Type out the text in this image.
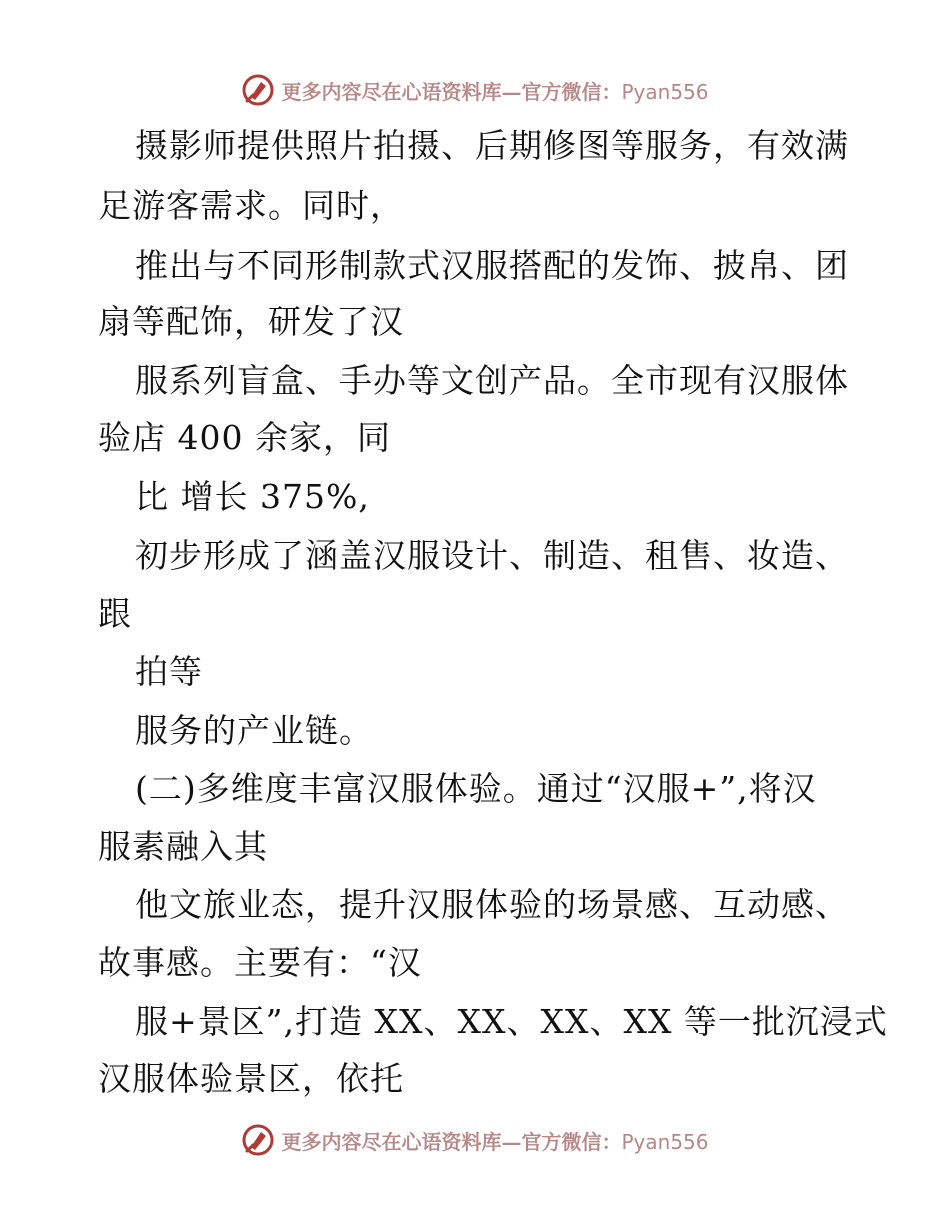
更多内容尽在心语资料库—官方微信：Pyan556
摄影师提供照片拍摄、后期修图等服务，有效满
足游客需求。同时，
推出与不同形制款式汉服搭配的发饰、披帛、团
扇等配饰，研发了汉
服系列盲盒、手办等文创产品。全市现有汉服体
验店 400 余家，同
比 增长 375%,
初步形成了涵盖汉服设计、制造、租售、妆造、
跟
拍等
服务的产业链。
(二)多维度丰富汉服体验。通过“汉服+”,将汉
服素融入其
他文旅业态，提升汉服体验的场景感、互动感、
故事感。主要有：“汉
服+景区”,打造 XX、XX、XX、XX 等一批沉浸式
汉服体验景区，依托
更多内容尽在心语资料库—官方微信：Pyan556
